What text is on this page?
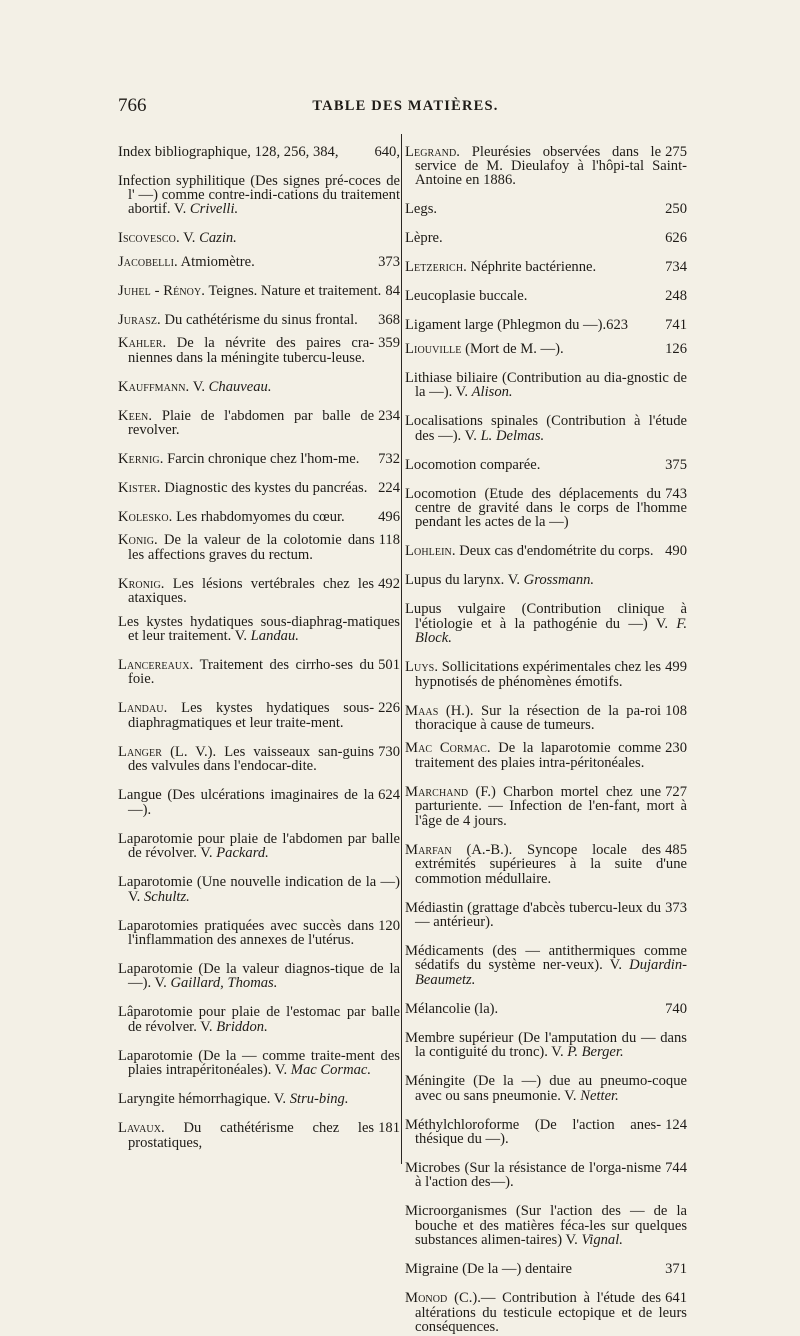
766	TABLE DES MATIÈRES.

640,
Index bibliographique, 128, 256, 384,

Infection syphilitique (Des signes pré-coces de l' —) comme contre-indi-cations du traitement abortif. V. Crivelli.

Iscovesco. V. Cazin.

373
Jacobelli. Atmiomètre.

84
Juhel - Rénoy. Teignes. Nature et traitement.

368
Jurasz. Du cathétérisme du sinus frontal.

359
Kahler. De la névrite des paires cra-niennes dans la méningite tubercu-leuse.

Kauffmann. V. Chauveau.

234
Keen. Plaie de l'abdomen par balle de revolver.

732
Kernig. Farcin chronique chez l'hom-me.

224
Kister. Diagnostic des kystes du pancréas.

496
Kolesko. Les rhabdomyomes du cœur.

118
Konig. De la valeur de la colotomie dans les affections graves du rectum.

492
Kronig. Les lésions vertébrales chez les ataxiques.

Les kystes hydatiques sous-diaphrag-matiques et leur traitement. V. Landau.

501
Lancereaux. Traitement des cirrho-ses du foie.

226
Landau. Les kystes hydatiques sous-diaphragmatiques et leur traite-ment.

730
Langer (L. V.). Les vaisseaux san-guins des valvules dans l'endocar-dite.

624
Langue (Des ulcérations imaginaires de la —).

Laparotomie pour plaie de l'abdomen par balle de révolver. V. Packard.

Laparotomie (Une nouvelle indication de la —) V. Schultz.

120
Laparotomies pratiquées avec succès dans l'inflammation des annexes de l'utérus.

Laparotomie (De la valeur diagnos-tique de la —). V. Gaillard, Thomas.

Lâparotomie pour plaie de l'estomac par balle de révolver. V. Briddon.

Laparotomie (De la — comme traite-ment des plaies intrapéritonéales). V. Mac Cormac.

Laryngite hémorrhagique. V. Stru-bing.

181
Lavaux. Du cathétérisme chez les prostatiques,

275
Legrand. Pleurésies observées dans le service de M. Dieulafoy à l'hôpi-tal Saint-Antoine en 1886.

250
Legs.

626
Lèpre.

734
Letzerich. Néphrite bactérienne.

248
Leucoplasie buccale.

741
Ligament large (Phlegmon du —).623

126
Liouville (Mort de M. —).

Lithiase biliaire (Contribution au dia-gnostic de la —). V. Alison.

Localisations spinales (Contribution à l'étude des —). V. L. Delmas.

375
Locomotion comparée.

743
Locomotion (Etude des déplacements du centre de gravité dans le corps de l'homme pendant les actes de la —)

490
Lohlein. Deux cas d'endométrite du corps.

Lupus du larynx. V. Grossmann.

Lupus vulgaire (Contribution clinique à l'étiologie et à la pathogénie du —) V. F. Block.

499
Luys. Sollicitations expérimentales chez les hypnotisés de phénomènes émotifs.

108
Maas (H.). Sur la résection de la pa-roi thoracique à cause de tumeurs.

230
Mac Cormac. De la laparotomie comme traitement des plaies intra-péritonéales.

727
Marchand (F.) Charbon mortel chez une parturiente. — Infection de l'en-fant, mort à l'âge de 4 jours.

485
Marfan (A.-B.). Syncope locale des extrémités supérieures à la suite d'une commotion médullaire.

373
Médiastin (grattage d'abcès tubercu-leux du — antérieur).

Médicaments (des — antithermiques comme sédatifs du système ner-veux). V. Dujardin-Beaumetz.

740
Mélancolie (la).

Membre supérieur (De l'amputation du — dans la contiguité du tronc). V. P. Berger.

Méningite (De la —) due au pneumo-coque avec ou sans pneumonie. V. Netter.

124
Méthylchloroforme (De l'action anes-thésique du —).

744
Microbes (Sur la résistance de l'orga-nisme à l'action des—).

Microorganismes (Sur l'action des — de la bouche et des matières féca-les sur quelques substances alimen-taires) V. Vignal.

371
Migraine (De la —) dentaire

641
Monod (C.).— Contribution à l'étude des altérations du testicule ectopique et de leurs conséquences.
